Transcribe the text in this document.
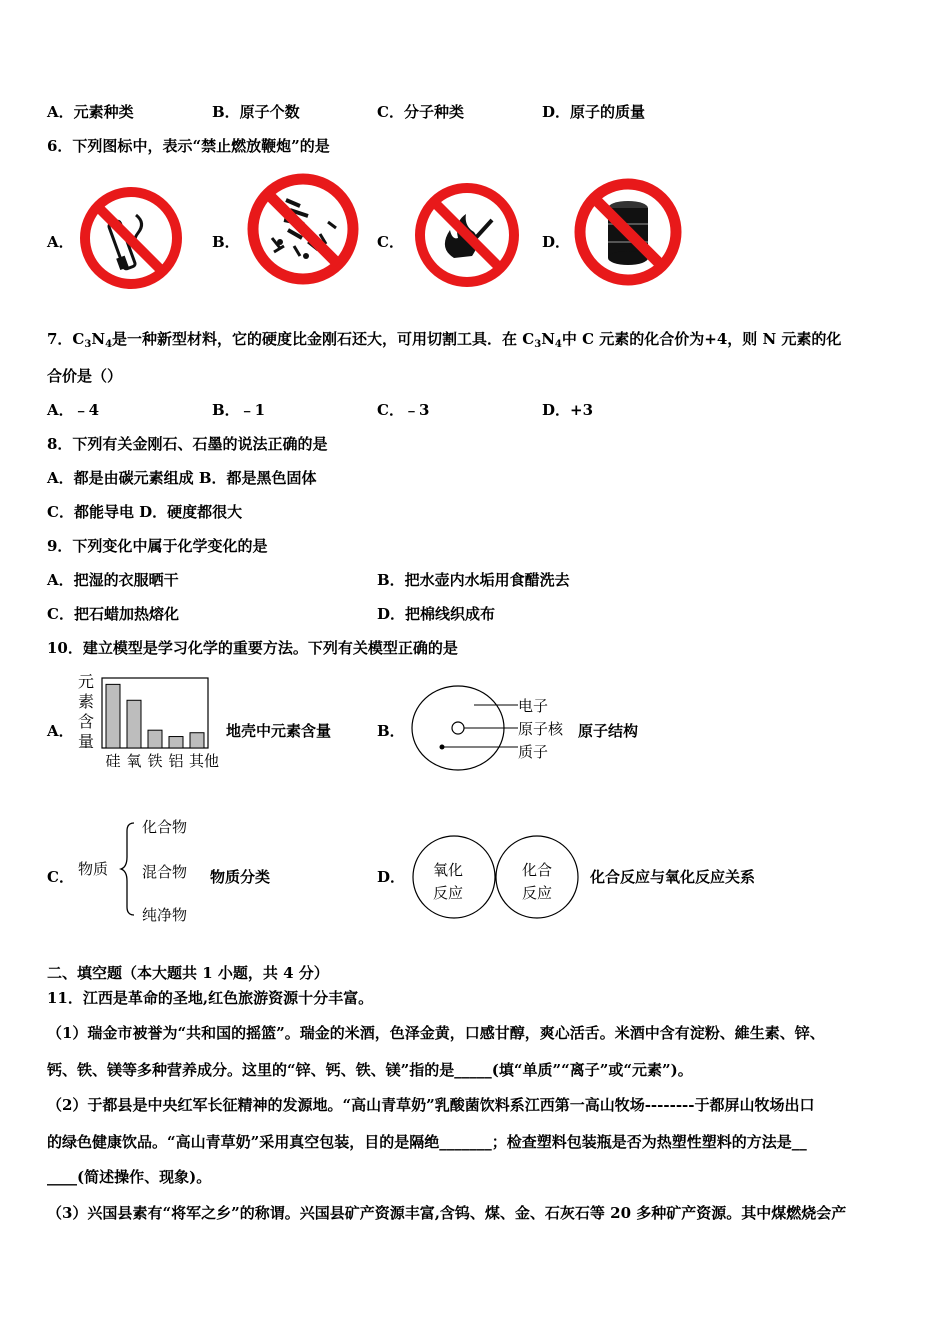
A．元素种类	B．原子个数	C．分子种类	D．原子的质量
6．下列图标中，表示“禁止燃放鞭炮”的是
A．	B．	C．	D．
7．$C_3N_4$是一种新型材料，它的硬度比金刚石还大，可用切割工具．在 $C_3N_4$中 C 元素的化合价为+4，则 N 元素的化
合价是（）
A．﹣4	B．﹣1	C．﹣3	D．+3
8．下列有关金刚石、石墨的说法正确的是
A．都是由碳元素组成 B．都是黑色固体
C．都能导电 D．硬度都很大
9．下列变化中属于化学变化的是
A．把湿的衣服晒干	B．把水壶内水垢用食醋洗去
C．把石蜡加热熔化	D．把棉线织成布
10．建立模型是学习化学的重要方法。下列有关模型正确的是
A．
元
素
含
量
硅 氧 铁 铝 其他
地壳中元素含量	B．
电子
原子核
质子
原子结构
C． 物质
化合物
混合物
纯净物
物质分类	D． 氧化
反应
化合
反应
化合反应与氧化反应关系
二、填空题（本大题共 1 小题，共 4 分）
11．江西是革命的圣地,红色旅游资源十分丰富。
（1）瑞金市被誉为“共和国的摇篮”。瑞金的米酒，色泽金黄，口感甘醇，爽心活舌。米酒中含有淀粉、維生素、锌、
钙、铁、镁等多种营养成分。这里的“锌、钙、铁、镁”指的是_____(填“单质”“离子”或“元素”)。
（2）于都县是中央红军长征精神的发源地。“高山青草奶”乳酸菌饮料系江西第一高山牧场--------于都屏山牧场出口
的绿色健康饮品。“高山青草奶”采用真空包装，目的是隔绝_______；检查塑料包装瓶是否为热塑性塑料的方法是__
____(简述操作、现象)。
（3）兴国县素有“将军之乡”的称谓。兴国县矿产资源丰富,含钨、煤、金、石灰石等 20 多种矿产资源。其中煤燃烧会产
